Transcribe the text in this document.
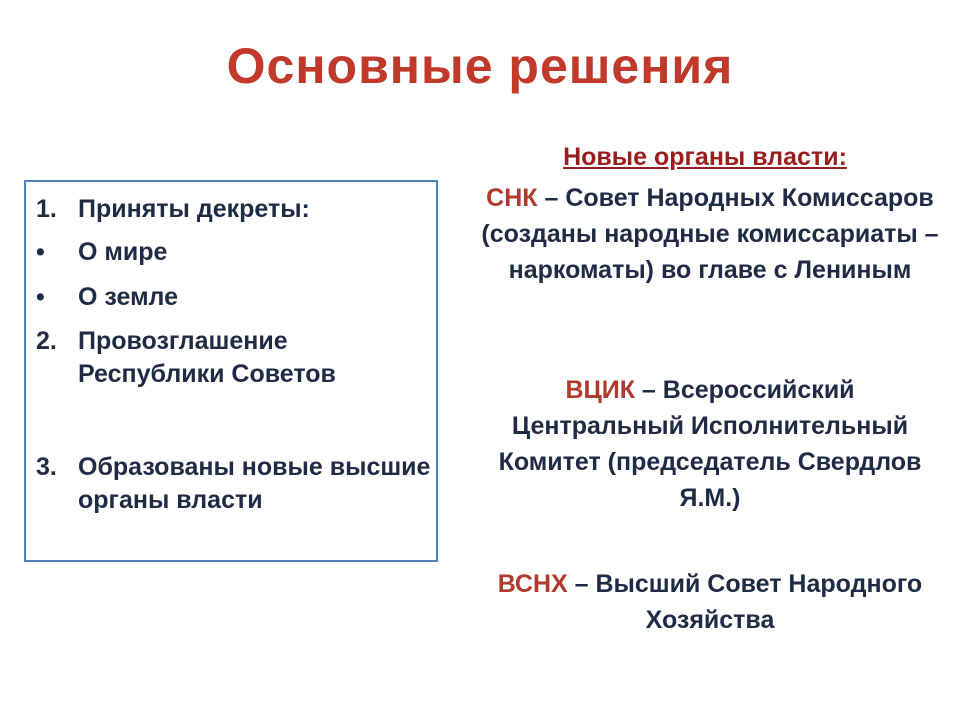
Основные решения
1. Приняты декреты:
• О мире
• О земле
2. Провозглашение Республики Советов
3. Образованы новые высшие органы власти
Новые органы власти:
СНК – Совет Народных Комиссаров (созданы народные комиссариаты – наркоматы) во главе с Лениным
ВЦИК – Всероссийский Центральный Исполнительный Комитет (председатель Свердлов Я.М.)
ВСНХ – Высший Совет Народного Хозяйства
